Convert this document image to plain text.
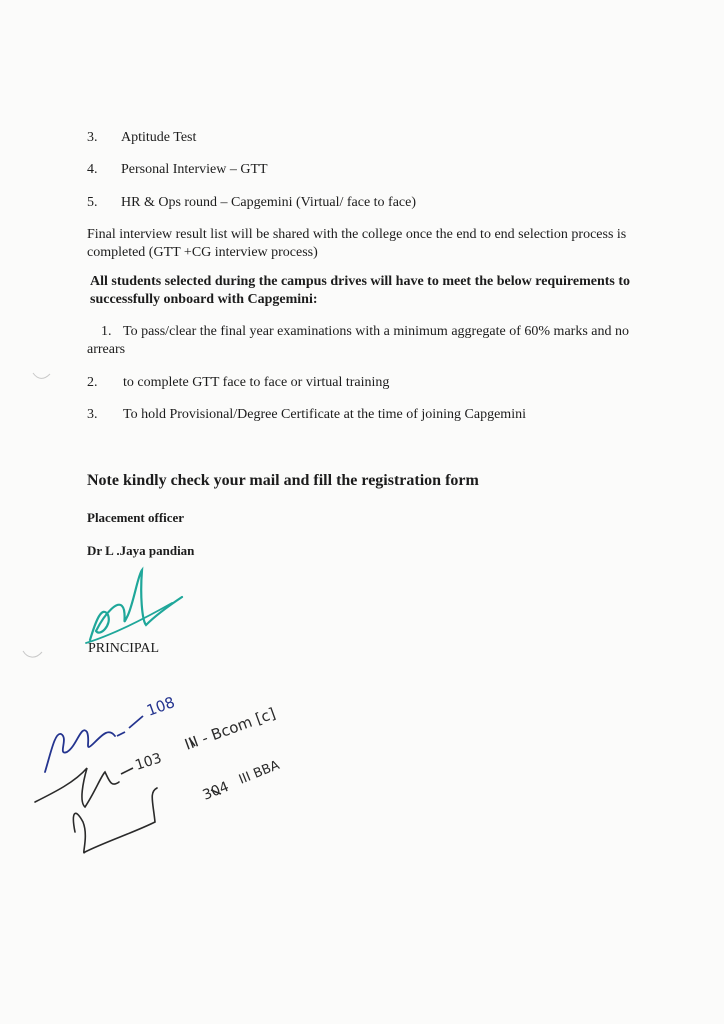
3. Aptitude Test

4. Personal Interview – GTT

5. HR & Ops round – Capgemini (Virtual/ face to face)

Final interview result list will be shared with the college once the end to end selection process is completed (GTT +CG interview process)

All students selected during the campus drives will have to meet the below requirements to successfully onboard with Capgemini:

1. To pass/clear the final year examinations with a minimum aggregate of 60% marks and no arrears

2. to complete GTT face to face or virtual training

3. To hold Provisional/Degree Certificate at the time of joining Capgemini

Note kindly check your mail and fill the registration form

Placement officer

Dr L .Jaya pandian

PRINCIPAL

108
103
III - Bcom [c]
304
III BBA
